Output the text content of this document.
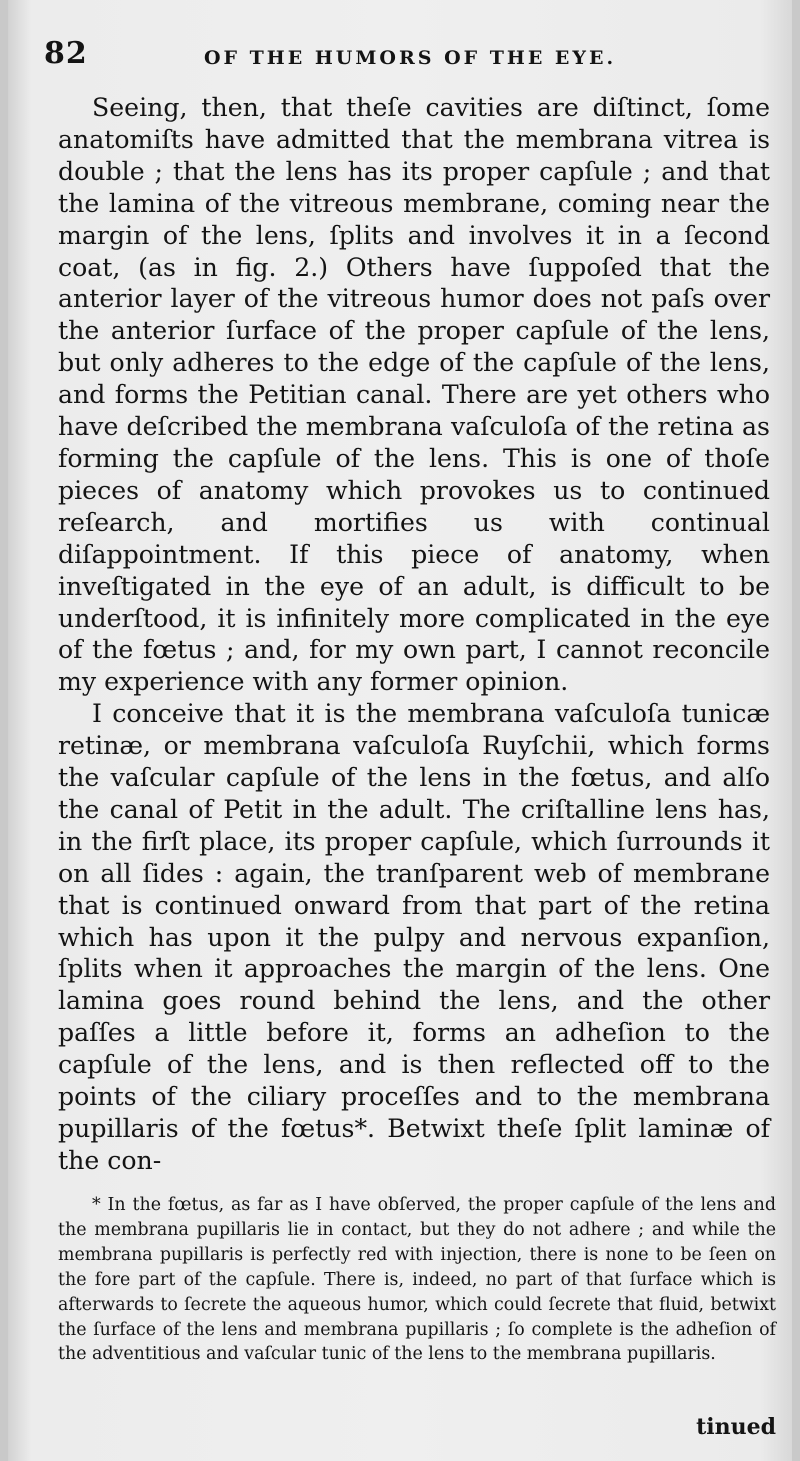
82	OF THE HUMORS OF THE EYE.

Seeing, then, that theſe cavities are diſtinct, ſome anatomiſts have admitted that the membrana vitrea is double ; that the lens has its proper capſule ; and that the lamina of the vitreous membrane, coming near the margin of the lens, ſplits and involves it in a ſecond coat, (as in fig. 2.) Others have ſuppoſed that the anterior layer of the vitreous humor does not paſs over the anterior ſurface of the proper capſule of the lens, but only adheres to the edge of the capſule of the lens, and forms the Petitian canal. There are yet others who have deſcribed the membrana vaſculoſa of the retina as forming the capſule of the lens. This is one of thoſe pieces of anatomy which provokes us to continued reſearch, and mortifies us with continual diſappointment. If this piece of anatomy, when inveſtigated in the eye of an adult, is difficult to be underſtood, it is infinitely more complicated in the eye of the fœtus ; and, for my own part, I cannot reconcile my experience with any former opinion.

I conceive that it is the membrana vaſculoſa tunicæ retinæ, or membrana vaſculoſa Ruyſchii, which forms the vaſcular capſule of the lens in the fœtus, and alſo the canal of Petit in the adult. The criſtalline lens has, in the firſt place, its proper capſule, which ſurrounds it on all ſides : again, the tranſparent web of membrane that is continued onward from that part of the retina which has upon it the pulpy and nervous expanſion, ſplits when it approaches the margin of the lens. One lamina goes round behind the lens, and the other paſſes a little before it, forms an adheſion to the capſule of the lens, and is then reflected off to the points of the ciliary proceſſes and to the membrana pupillaris of the fœtus*. Betwixt theſe ſplit laminæ of the con-

* In the fœtus, as far as I have obſerved, the proper capſule of the lens and the membrana pupillaris lie in contact, but they do not adhere ; and while the membrana pupillaris is perfectly red with injection, there is none to be ſeen on the fore part of the capſule. There is, indeed, no part of that ſurface which is afterwards to ſecrete the aqueous humor, which could ſecrete that fluid, betwixt the ſurface of the lens and membrana pupillaris ; ſo complete is the adheſion of the adventitious and vaſcular tunic of the lens to the membrana pupillaris.

tinued
